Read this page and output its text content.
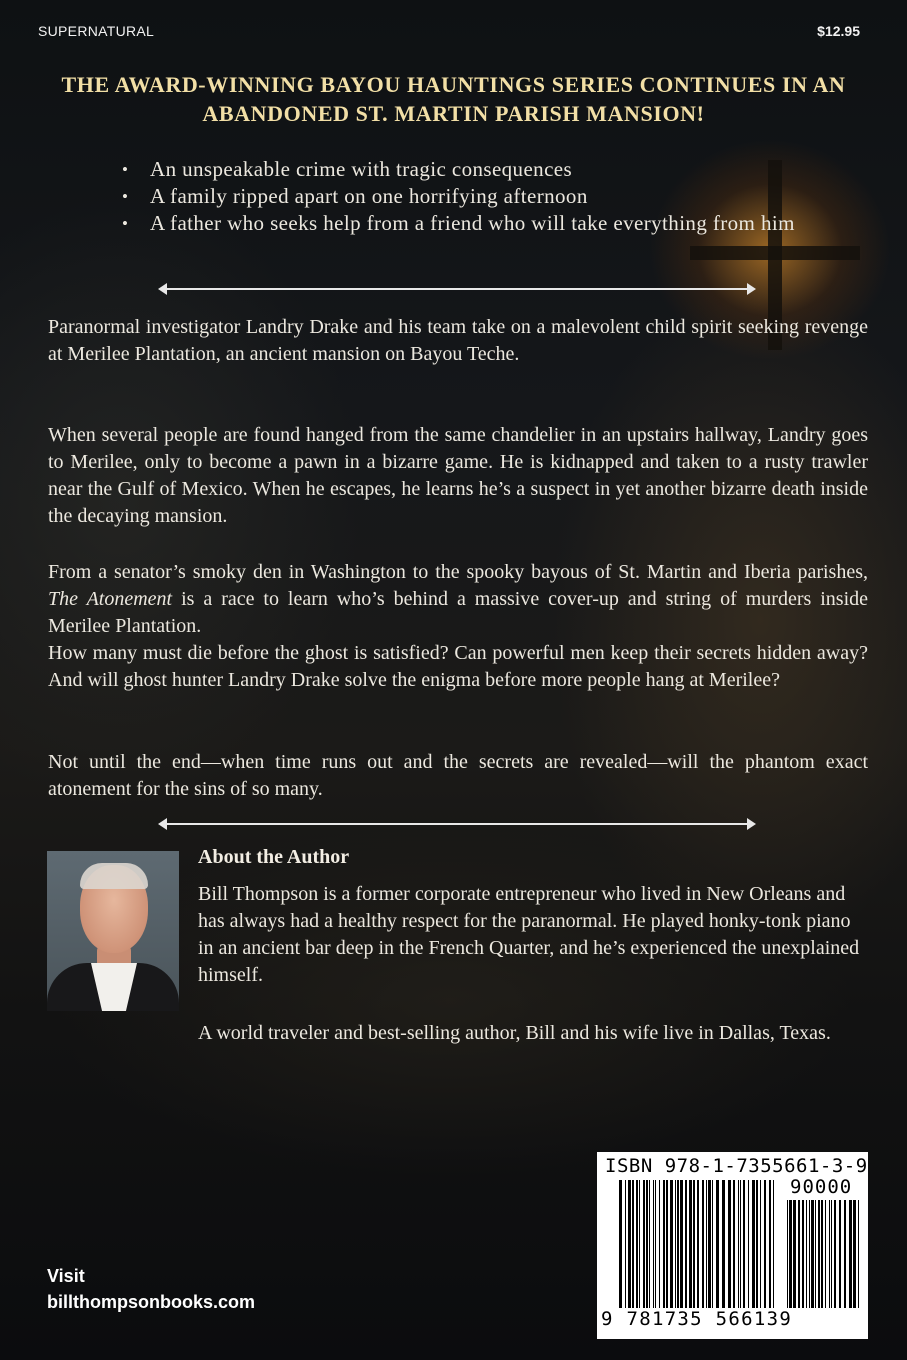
SUPERNATURAL	$12.95
THE AWARD-WINNING BAYOU HAUNTINGS SERIES CONTINUES IN AN ABANDONED ST. MARTIN PARISH MANSION!
• An unspeakable crime with tragic consequences
• A family ripped apart on one horrifying afternoon
• A father who seeks help from a friend who will take everything from him

Paranormal investigator Landry Drake and his team take on a malevolent child spirit seeking revenge at Merilee Plantation, an ancient mansion on Bayou Teche.

When several people are found hanged from the same chandelier in an upstairs hallway, Landry goes to Merilee, only to become a pawn in a bizarre game. He is kidnapped and taken to a rusty trawler near the Gulf of Mexico. When he escapes, he learns he’s a suspect in yet another bizarre death inside the decaying mansion.

From a senator’s smoky den in Washington to the spooky bayous of St. Martin and Iberia parishes, The Atonement is a race to learn who’s behind a massive cover-up and string of murders inside Merilee Plantation.

How many must die before the ghost is satisfied? Can powerful men keep their secrets hidden away? And will ghost hunter Landry Drake solve the enigma before more people hang at Merilee?

Not until the end—when time runs out and the secrets are revealed—will the phantom exact atonement for the sins of so many.

About the Author

Bill Thompson is a former corporate entrepreneur who lived in New Orleans and has always had a healthy respect for the paranormal. He played honky-tonk piano in an ancient bar deep in the French Quarter, and he’s experienced the unexplained himself.

A world traveler and best-selling author, Bill and his wife live in Dallas, Texas.

Visit
billthompsonbooks.com
ISBN 978-1-7355661-3-9
90000
9 781735 566139
